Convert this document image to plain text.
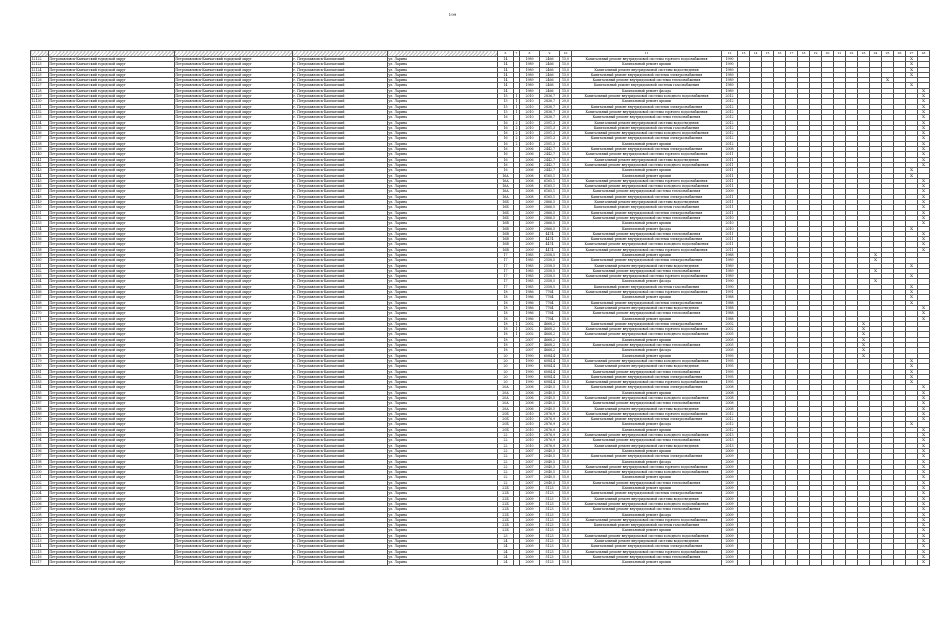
199
					6	7	8	9	10	11	12	13	14	15	16	17	18	19	20	21	22	23	24	25	26	27	28
12122	Петропавловск-Камчатский городской округ	Петропавловск-Камчатский городской округ	г. Петропавловск-Камчатский	ул. Ларина	14		1989	2466	15,0	Капитальный ремонт внутридомовой системы горячего водоснабжения	1990															X	
12123	Петропавловск-Камчатский городской округ	Петропавловск-Камчатский городской округ	г. Петропавловск-Камчатский	ул. Ларина	14		1989	2466	15,0	Капитальный ремонт крыши	1990															X	
12124	Петропавловск-Камчатский городской округ	Петропавловск-Камчатский городской округ	г. Петропавловск-Камчатский	ул. Ларина	14		1989	2466	15,0	Капитальный ремонт внутридомовой системы водоотведения	1989															X	
12125	Петропавловск-Камчатский городской округ	Петропавловск-Камчатский городской округ	г. Петропавловск-Камчатский	ул. Ларина	14		1989	2466	15,0	Капитальный ремонт внутридомовой системы электроснабжения	1989															X	
12126	Петропавловск-Камчатский городской округ	Петропавловск-Камчатский городской округ	г. Петропавловск-Камчатский	ул. Ларина	14		1989	2466	15,0	Капитальный ремонт внутридомовой системы теплоснабжения	1989													X			
12127	Петропавловск-Камчатский городской округ	Петропавловск-Камчатский городской округ	г. Петропавловск-Камчатский	ул. Ларина	14		1989	2466	15,0	Капитальный ремонт внутридомовой системы газоснабжения	1989															X	
12128	Петропавловск-Камчатский городской округ	Петропавловск-Камчатский городской округ	г. Петропавловск-Камчатский	ул. Ларина	14		1989	2466	15,0	Капитальный ремонт фасада	1989																X
12129	Петропавловск-Камчатский городской округ	Петропавловск-Камчатский городской округ	г. Петропавловск-Камчатский	ул. Ларина	15	1	2010	2836,7	20,0	Капитальный ремонт внутридомовой системы холодного водоснабжения	2012																X
12130	Петропавловск-Камчатский городской округ	Петропавловск-Камчатский городской округ	г. Петропавловск-Камчатский	ул. Ларина	15	1	2010	2836,7	20,0	Капитальный ремонт крыши	2012																X
12131	Петропавловск-Камчатский городской округ	Петропавловск-Камчатский городской округ	г. Петропавловск-Камчатский	ул. Ларина	15	1	2010	2836,7	20,0	Капитальный ремонт внутридомовой системы электроснабжения	2012																X
12132	Петропавловск-Камчатский городской округ	Петропавловск-Камчатский городской округ	г. Петропавловск-Камчатский	ул. Ларина	15	1	2010	2836,7	20,0	Капитальный ремонт внутридомовой системы горячего водоснабжения	2012																X
12133	Петропавловск-Камчатский городской округ	Петропавловск-Камчатский городской округ	г. Петропавловск-Камчатский	ул. Ларина	16		2010	2836,7	20,0	Капитальный ремонт внутридомовой системы теплоснабжения	2012																X
12134	Петропавловск-Камчатский городской округ	Петропавловск-Камчатский городской округ	г. Петропавловск-Камчатский	ул. Ларина	16	2	2010	2501,3	20,0	Капитальный ремонт внутридомовой системы водоотведения	2012																X
12135	Петропавловск-Камчатский городской округ	Петропавловск-Камчатский городской округ	г. Петропавловск-Камчатский	ул. Ларина	16	2	2010	2501,3	20,0	Капитальный ремонт внутридомовой системы газоснабжения	2012																X
12136	Петропавловск-Камчатский городской округ	Петропавловск-Камчатский городской округ	г. Петропавловск-Камчатский	ул. Ларина	16	2	2010	2501,3	20,0	Капитальный ремонт внутридомовой системы холодного водоснабжения	2012																X
12137	Петропавловск-Камчатский городской округ	Петропавловск-Камчатский городской округ	г. Петропавловск-Камчатский	ул. Ларина	16	2	2010	2501,3	20,0	Капитальный ремонт внутридомовой системы электроснабжения	2012																X
12138	Петропавловск-Камчатский городской округ	Петропавловск-Камчатский городской округ	г. Петропавловск-Камчатский	ул. Ларина	16	2	2010	2501,3	20,0	Капитальный ремонт крыши	2012																X
12139	Петропавловск-Камчатский городской округ	Петропавловск-Камчатский городской округ	г. Петропавловск-Камчатский	ул. Ларина	16		2006	2442,7	15,0	Капитальный ремонт внутридомовой системы электроснабжения	2008																X
12140	Петропавловск-Камчатский городской округ	Петропавловск-Камчатский городской округ	г. Петропавловск-Камчатский	ул. Ларина	16		2006	2442,7	15,0	Капитальный ремонт внутридомовой системы горячего водоснабжения	2011																X
12141	Петропавловск-Камчатский городской округ	Петропавловск-Камчатский городской округ	г. Петропавловск-Камчатский	ул. Ларина	16		2006	2442,7	15,0	Капитальный ремонт внутридомовой системы водоотведения	2011																X
12142	Петропавловск-Камчатский городской округ	Петропавловск-Камчатский городской округ	г. Петропавловск-Камчатский	ул. Ларина	16		2006	2442,7	15,0	Капитальный ремонт внутридомовой системы холодного водоснабжения	2011																X
12143	Петропавловск-Камчатский городской округ	Петропавловск-Камчатский городской округ	г. Петропавловск-Камчатский	ул. Ларина	16		2006	2442,7	15,0	Капитальный ремонт крыши	2011															X	
12144	Петропавловск-Камчатский городской округ	Петропавловск-Камчатский городской округ	г. Петропавловск-Камчатский	ул. Ларина	16А		2008	6165,1	15,0	Капитальный ремонт крыши	2011															X	
12145	Петропавловск-Камчатский городской округ	Петропавловск-Камчатский городской округ	г. Петропавловск-Камчатский	ул. Ларина	16А		2008	6165,1	15,0	Капитальный ремонт внутридомовой системы горячего водоснабжения	2011																X
12146	Петропавловск-Камчатский городской округ	Петропавловск-Камчатский городской округ	г. Петропавловск-Камчатский	ул. Ларина	16А		2008	6165,1	15,0	Капитальный ремонт внутридомовой системы холодного водоснабжения	2011																X
12147	Петропавловск-Камчатский городской округ	Петропавловск-Камчатский городской округ	г. Петропавловск-Камчатский	ул. Ларина	16А		2008	6165,1	15,0	Капитальный ремонт внутридомовой системы теплоснабжения	2009																X
12148	Петропавловск-Камчатский городской округ	Петропавловск-Камчатский городской округ	г. Петропавловск-Камчатский	ул. Ларина	16А		2008	6165,1	15,0	Капитальный ремонт внутридомовой системы электроснабжения	2011																X
12149	Петропавловск-Камчатский городской округ	Петропавловск-Камчатский городской округ	г. Петропавловск-Камчатский	ул. Ларина	16Б		2009	2866,5	15,0	Капитальный ремонт внутридомовой системы водоотведения	2011																X
12150	Петропавловск-Камчатский городской округ	Петропавловск-Камчатский городской округ	г. Петропавловск-Камчатский	ул. Ларина	16Б		2009	2866,5	15,0	Капитальный ремонт внутридомовой системы газоснабжения	2011																X
12151	Петропавловск-Камчатский городской округ	Петропавловск-Камчатский городской округ	г. Петропавловск-Камчатский	ул. Ларина	16Б		2009	2866,5	15,0	Капитальный ремонт внутридомовой системы электроснабжения	2011																X
12152	Петропавловск-Камчатский городской округ	Петропавловск-Камчатский городской округ	г. Петропавловск-Камчатский	ул. Ларина	16Б		2009	2866,5	15,0	Капитальный ремонт внутридомовой системы теплоснабжения	2010																X
12153	Петропавловск-Камчатский городской округ	Петропавловск-Камчатский городской округ	г. Петропавловск-Камчатский	ул. Ларина	16В		2009	2866,5	15,0	Капитальный ремонт крыши	2010																X
12154	Петропавловск-Камчатский городской округ	Петропавловск-Камчатский городской округ	г. Петропавловск-Камчатский	ул. Ларина	16В		2009	2866,5	15,0	Капитальный ремонт фасада	2010															X	
12155	Петропавловск-Камчатский городской округ	Петропавловск-Камчатский городской округ	г. Петропавловск-Камчатский	ул. Ларина	16В		2009	4474	15,0	Капитальный ремонт внутридомовой системы теплоснабжения	2011																X
12156	Петропавловск-Камчатский городской округ	Петропавловск-Камчатский городской округ	г. Петропавловск-Камчатский	ул. Ларина	16В		2009	4474	15,0	Капитальный ремонт внутридомовой системы электроснабжения	2011																X
12157	Петропавловск-Камчатский городской округ	Петропавловск-Камчатский городской округ	г. Петропавловск-Камчатский	ул. Ларина	16В		2009	4474	15,0	Капитальный ремонт внутридомовой системы холодного водоснабжения	2011																X
12158	Петропавловск-Камчатский городской округ	Петропавловск-Камчатский городской округ	г. Петропавловск-Камчатский	ул. Ларина	16В		2009	4474	15,0	Капитальный ремонт внутридомовой системы горячего водоснабжения	2011																X
12159	Петропавловск-Камчатский городской округ	Петропавловск-Камчатский городской округ	г. Петропавловск-Камчатский	ул. Ларина	17		1985	2558,5	15,0	Капитальный ремонт крыши	1988												X				
12160	Петропавловск-Камчатский городской округ	Петропавловск-Камчатский городской округ	г. Петропавловск-Камчатский	ул. Ларина	17		1985	2558,5	15,0	Капитальный ремонт внутридомовой системы электроснабжения	1989												X				
12161	Петропавловск-Камчатский городской округ	Петропавловск-Камчатский городской округ	г. Петропавловск-Камчатский	ул. Ларина	17		1985	2558,5	15,0	Капитальный ремонт внутридомовой системы водоотведения	1989															X	
12162	Петропавловск-Камчатский городской округ	Петропавловск-Камчатский городской округ	г. Петропавловск-Камчатский	ул. Ларина	17		1985	2558,5	15,0	Капитальный ремонт внутридомовой системы теплоснабжения	1989												X				
12163	Петропавловск-Камчатский городской округ	Петропавловск-Камчатский городской округ	г. Петропавловск-Камчатский	ул. Ларина	17		1985	2558,5	15,0	Капитальный ремонт внутридомовой системы горячего водоснабжения	1989															X	
12164	Петропавловск-Камчатский городской округ	Петропавловск-Камчатский городской округ	г. Петропавловск-Камчатский	ул. Ларина	17		1985	2558,5	15,0	Капитальный ремонт фасада	1990												X				
12165	Петропавловск-Камчатский городской округ	Петропавловск-Камчатский городской округ	г. Петропавловск-Камчатский	ул. Ларина	17		1985	2558,5	15,0	Капитальный ремонт внутридомовой системы газоснабжения	1990															X	
12166	Петропавловск-Камчатский городской округ	Петропавловск-Камчатский городской округ	г. Петропавловск-Камчатский	ул. Ларина	18		1986	7764	15,0	Капитальный ремонт внутридомовой системы горячего водоснабжения	1991															X	
12167	Петропавловск-Камчатский городской округ	Петропавловск-Камчатский городской округ	г. Петропавловск-Камчатский	ул. Ларина	18		1986	7764	15,0	Капитальный ремонт крыши	1988															X	
12168	Петропавловск-Камчатский городской округ	Петропавловск-Камчатский городской округ	г. Петропавловск-Камчатский	ул. Ларина	18		1986	7764	15,0	Капитальный ремонт внутридомовой системы электроснабжения	1988															X	
12169	Петропавловск-Камчатский городской округ	Петропавловск-Камчатский городской округ	г. Петропавловск-Камчатский	ул. Ларина	18		1986	7764	15,0	Капитальный ремонт внутридомовой системы водоотведения	1988																X
12170	Петропавловск-Камчатский городской округ	Петропавловск-Камчатский городской округ	г. Петропавловск-Камчатский	ул. Ларина	18		1986	7764	15,0	Капитальный ремонт внутридомовой системы теплоснабжения	1988																X
12171	Петропавловск-Камчатский городской округ	Петропавловск-Камчатский городской округ	г. Петропавловск-Камчатский	ул. Ларина	18		1986	7764	15,0	Капитальный ремонт крыши	1988																X
12172	Петропавловск-Камчатский городской округ	Петропавловск-Камчатский городской округ	г. Петропавловск-Камчатский	ул. Ларина	18	1	2002	4668,2	15,0	Капитальный ремонт внутридомовой системы электроснабжения	2002											X					
12173	Петропавловск-Камчатский городской округ	Петропавловск-Камчатский городской округ	г. Петропавловск-Камчатский	ул. Ларина	18	1	2002	4668,2	15,0	Капитальный ремонт внутридомовой системы горячего водоснабжения	2002											X					
12174	Петропавловск-Камчатский городской округ	Петропавловск-Камчатский городской округ	г. Петропавловск-Камчатский	ул. Ларина	18	1	2002	4668,2	15,0	Капитальный ремонт внутридомовой системы холодного водоснабжения	2005											X					
12175	Петропавловск-Камчатский городской округ	Петропавловск-Камчатский городской округ	г. Петропавловск-Камчатский	ул. Ларина	18		2007	4668,2	15,0	Капитальный ремонт крыши	2005											X					
12176	Петропавловск-Камчатский городской округ	Петропавловск-Камчатский городской округ	г. Петропавловск-Камчатский	ул. Ларина	18		2007	4668,2	15,0	Капитальный ремонт внутридомовой системы теплоснабжения	2005											X					
12177	Петропавловск-Камчатский городской округ	Петропавловск-Камчатский городской округ	г. Петропавловск-Камчатский	ул. Ларина	18		2007	4668,2	15,0	Капитальный ремонт фасада	2005											X					
12178	Петропавловск-Камчатский городской округ	Петропавловск-Камчатский городской округ	г. Петропавловск-Камчатский	ул. Ларина	20		1990	6084,4	15,0	Капитальный ремонт крыши	1995											X					
12179	Петропавловск-Камчатский городской округ	Петропавловск-Камчатский городской округ	г. Петропавловск-Камчатский	ул. Ларина	20		1990	6084,4	15,0	Капитальный ремонт внутридомовой системы холодного водоснабжения	1995															X	
12180	Петропавловск-Камчатский городской округ	Петропавловск-Камчатский городской округ	г. Петропавловск-Камчатский	ул. Ларина	20		1990	6084,4	15,0	Капитальный ремонт внутридомовой системы водоотведения	1995															X	
12181	Петропавловск-Камчатский городской округ	Петропавловск-Камчатский городской округ	г. Петропавловск-Камчатский	ул. Ларина	20		1990	6084,4	15,0	Капитальный ремонт внутридомовой системы теплоснабжения	1995															X	
12182	Петропавловск-Камчатский городской округ	Петропавловск-Камчатский городской округ	г. Петропавловск-Камчатский	ул. Ларина	20		1990	6084,4	15,0	Капитальный ремонт внутридомовой системы электроснабжения	1995															X	
12183	Петропавловск-Камчатский городской округ	Петропавловск-Камчатский городской округ	г. Петропавловск-Камчатский	ул. Ларина	20		1990	6084,4	15,0	Капитальный ремонт внутридомовой системы горячего водоснабжения	1995															X	
12184	Петропавловск-Камчатский городской округ	Петропавловск-Камчатский городской округ	г. Петропавловск-Камчатский	ул. Ларина	20А		2006	2040,5	15,0	Капитальный ремонт внутридомовой системы электроснабжения	2008																X
12185	Петропавловск-Камчатский городской округ	Петропавловск-Камчатский городской округ	г. Петропавловск-Камчатский	ул. Ларина	20А		2006	2040,5	15,0	Капитальный ремонт крыши	2008																X
12186	Петропавловск-Камчатский городской округ	Петропавловск-Камчатский городской округ	г. Петропавловск-Камчатский	ул. Ларина	20А		2006	2040,5	15,0	Капитальный ремонт внутридомовой системы холодного водоснабжения	2008																X
12187	Петропавловск-Камчатский городской округ	Петропавловск-Камчатский городской округ	г. Петропавловск-Камчатский	ул. Ларина	20А		2006	2040,5	15,0	Капитальный ремонт внутридомовой системы теплоснабжения	2008																X
12188	Петропавловск-Камчатский городской округ	Петропавловск-Камчатский городской округ	г. Петропавловск-Камчатский	ул. Ларина	20А		2006	2040,5	15,0	Капитальный ремонт внутридомовой системы водоотведения	2008																X
12189	Петропавловск-Камчатский городской округ	Петропавловск-Камчатский городской округ	г. Петропавловск-Камчатский	ул. Ларина	20Б		2010	2876,9	20,0	Капитальный ремонт внутридомовой системы горячего водоснабжения	2012																X
12190	Петропавловск-Камчатский городской округ	Петропавловск-Камчатский городской округ	г. Петропавловск-Камчатский	ул. Ларина	20Б		2010	2876,9	20,0	Капитальный ремонт внутридомовой системы электроснабжения	2012																X
12191	Петропавловск-Камчатский городской округ	Петропавловск-Камчатский городской округ	г. Петропавловск-Камчатский	ул. Ларина	20Б		2010	2876,9	20,0	Капитальный ремонт фасада	2012															X	
12192	Петропавловск-Камчатский городской округ	Петропавловск-Камчатский городской округ	г. Петропавловск-Камчатский	ул. Ларина	20Б		2010	2876,9	20,0	Капитальный ремонт крыши	2012																X
12193	Петропавловск-Камчатский городской округ	Петропавловск-Камчатский городской округ	г. Петропавловск-Камчатский	ул. Ларина	22		2010	2876,9	20,0	Капитальный ремонт внутридомовой системы холодного водоснабжения	2013																X
12194	Петропавловск-Камчатский городской округ	Петропавловск-Камчатский городской округ	г. Петропавловск-Камчатский	ул. Ларина	22		2010	2876,9	20,0	Капитальный ремонт внутридомовой системы теплоснабжения	2013																X
12195	Петропавловск-Камчатский городской округ	Петропавловск-Камчатский городской округ	г. Петропавловск-Камчатский	ул. Ларина	22		2010	2876,9	20,0	Капитальный ремонт внутридомовой системы водоотведения	2013																X
12196	Петропавловск-Камчатский городской округ	Петропавловск-Камчатский городской округ	г. Петропавловск-Камчатский	ул. Ларина	22		2007	2040,5	15,0	Капитальный ремонт крыши	2009																X
12197	Петропавловск-Камчатский городской округ	Петропавловск-Камчатский городской округ	г. Петропавловск-Камчатский	ул. Ларина	22		2007	2040,5	15,0	Капитальный ремонт внутридомовой системы электроснабжения	2009																X
12198	Петропавловск-Камчатский городской округ	Петропавловск-Камчатский городской округ	г. Петропавловск-Камчатский	ул. Ларина	22		2007	2040,5	15,0	Капитальный ремонт фасада	2009																X
12199	Петропавловск-Камчатский городской округ	Петропавловск-Камчатский городской округ	г. Петропавловск-Камчатский	ул. Ларина	22		2007	2040,5	15,0	Капитальный ремонт внутридомовой системы горячего водоснабжения	2009																X
12200	Петропавловск-Камчатский городской округ	Петропавловск-Камчатский городской округ	г. Петропавловск-Камчатский	ул. Ларина	22		2007	2040,5	15,0	Капитальный ремонт внутридомовой системы холодного водоснабжения	2009																X
12201	Петропавловск-Камчатский городской округ	Петропавловск-Камчатский городской округ	г. Петропавловск-Камчатский	ул. Ларина	22		2007	2040,5	15,0	Капитальный ремонт крыши	2009																X
12202	Петропавловск-Камчатский городской округ	Петропавловск-Камчатский городской округ	г. Петропавловск-Камчатский	ул. Ларина	22		2007	2040,5	15,0	Капитальный ремонт внутридомовой системы теплоснабжения	2009																X
12203	Петропавловск-Камчатский городской округ	Петропавловск-Камчатский городской округ	г. Петропавловск-Камчатский	ул. Ларина	22Б		2009	5123	15,0	Капитальный ремонт крыши	2009																X
12204	Петропавловск-Камчатский городской округ	Петропавловск-Камчатский городской округ	г. Петропавловск-Камчатский	ул. Ларина	22Б		2009	5123	15,0	Капитальный ремонт внутридомовой системы электроснабжения	2009																X
12205	Петропавловск-Камчатский городской округ	Петропавловск-Камчатский городской округ	г. Петропавловск-Камчатский	ул. Ларина	22Б		2009	5123	15,0	Капитальный ремонт внутридомовой системы водоотведения	2009																X
12206	Петропавловск-Камчатский городской округ	Петропавловск-Камчатский городской округ	г. Петропавловск-Камчатский	ул. Ларина	22Б		2009	5123	15,0	Капитальный ремонт внутридомовой системы холодного водоснабжения	2009																X
12207	Петропавловск-Камчатский городской округ	Петропавловск-Камчатский городской округ	г. Петропавловск-Камчатский	ул. Ларина	22Б		2009	5123	15,0	Капитальный ремонт внутридомовой системы теплоснабжения	2009																X
12208	Петропавловск-Камчатский городской округ	Петропавловск-Камчатский городской округ	г. Петропавловск-Камчатский	ул. Ларина	22Б		2009	5123	15,0	Капитальный ремонт фасада	2009																X
12209	Петропавловск-Камчатский городской округ	Петропавловск-Камчатский городской округ	г. Петропавловск-Камчатский	ул. Ларина	22Б		2009	5123	15,0	Капитальный ремонт внутридомовой системы горячего водоснабжения	2009																X
12210	Петропавловск-Камчатский городской округ	Петропавловск-Камчатский городской округ	г. Петропавловск-Камчатский	ул. Ларина	22Б		2009	5123	15,0	Капитальный ремонт внутридомовой системы газоснабжения	2009																X
12211	Петропавловск-Камчатский городской округ	Петропавловск-Камчатский городской округ	г. Петропавловск-Камчатский	ул. Ларина	22Б		2009	5123	15,0	Капитальный ремонт крыши	2009																X
12212	Петропавловск-Камчатский городской округ	Петропавловск-Камчатский городской округ	г. Петропавловск-Камчатский	ул. Ларина	23		2009	5123	15,0	Капитальный ремонт внутридомовой системы холодного водоснабжения	2009																X
12213	Петропавловск-Камчатский городской округ	Петропавловск-Камчатский городской округ	г. Петропавловск-Камчатский	ул. Ларина	24		2009	5123	15,0	Капитальный ремонт внутридомовой системы водоотведения	2009																X
12214	Петропавловск-Камчатский городской округ	Петропавловск-Камчатский городской округ	г. Петропавловск-Камчатский	ул. Ларина	24		2009	5123	15,0	Капитальный ремонт внутридомовой системы электроснабжения	2009																X
12215	Петропавловск-Камчатский городской округ	Петропавловск-Камчатский городской округ	г. Петропавловск-Камчатский	ул. Ларина	24		2009	5123	15,0	Капитальный ремонт внутридомовой системы горячего водоснабжения	2009																X
12216	Петропавловск-Камчатский городской округ	Петропавловск-Камчатский городской округ	г. Петропавловск-Камчатский	ул. Ларина	24		2009	5123	15,0	Капитальный ремонт внутридомовой системы теплоснабжения	2009																X
12217	Петропавловск-Камчатский городской округ	Петропавловск-Камчатский городской округ	г. Петропавловск-Камчатский	ул. Ларина	24		2009	5123	15,0	Капитальный ремонт крыши	2009																X
